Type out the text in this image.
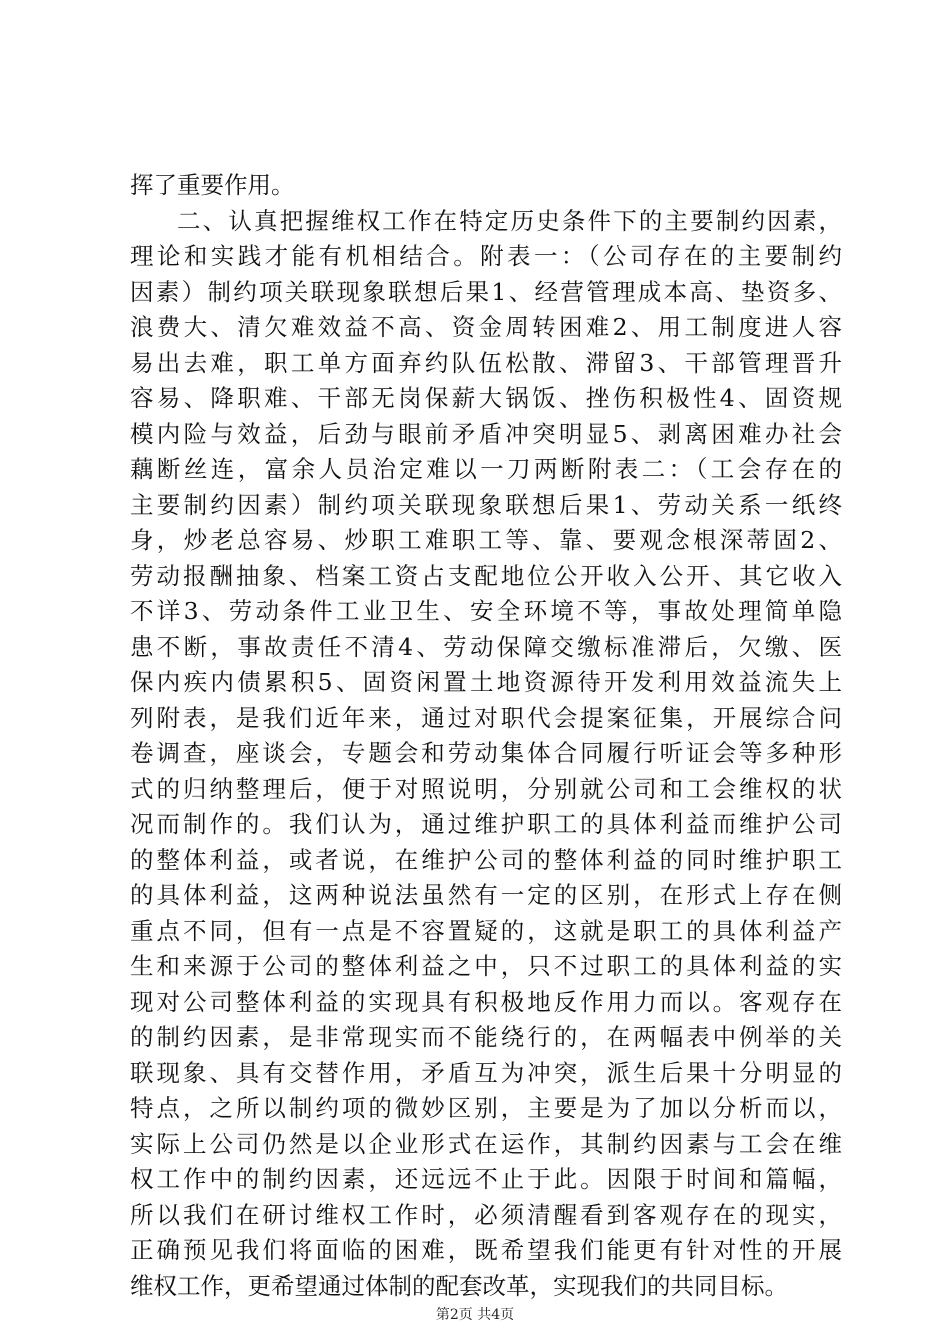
挥了重要作用。
二、认真把握维权工作在特定历史条件下的主要制约因素，
理论和实践才能有机相结合。附表一：（公司存在的主要制约
因素）制约项关联现象联想后果1、经营管理成本高、垫资多、
浪费大、清欠难效益不高、资金周转困难2、用工制度进人容
易出去难，职工单方面弃约队伍松散、滞留3、干部管理晋升
容易、降职难、干部无岗保薪大锅饭、挫伤积极性4、固资规
模内险与效益，后劲与眼前矛盾冲突明显5、剥离困难办社会
藕断丝连，富余人员治定难以一刀两断附表二：（工会存在的
主要制约因素）制约项关联现象联想后果1、劳动关系一纸终
身，炒老总容易、炒职工难职工等、靠、要观念根深蒂固2、
劳动报酬抽象、档案工资占支配地位公开收入公开、其它收入
不详3、劳动条件工业卫生、安全环境不等，事故处理简单隐
患不断，事故责任不清4、劳动保障交缴标准滞后，欠缴、医
保内疾内债累积5、固资闲置土地资源待开发利用效益流失上
列附表，是我们近年来，通过对职代会提案征集，开展综合问
卷调查，座谈会，专题会和劳动集体合同履行听证会等多种形
式的归纳整理后，便于对照说明，分别就公司和工会维权的状
况而制作的。我们认为，通过维护职工的具体利益而维护公司
的整体利益，或者说，在维护公司的整体利益的同时维护职工
的具体利益，这两种说法虽然有一定的区别，在形式上存在侧
重点不同，但有一点是不容置疑的，这就是职工的具体利益产
生和来源于公司的整体利益之中，只不过职工的具体利益的实
现对公司整体利益的实现具有积极地反作用力而以。客观存在
的制约因素，是非常现实而不能绕行的，在两幅表中例举的关
联现象、具有交替作用，矛盾互为冲突，派生后果十分明显的
特点，之所以制约项的微妙区别，主要是为了加以分析而以，
实际上公司仍然是以企业形式在运作，其制约因素与工会在维
权工作中的制约因素，还远远不止于此。因限于时间和篇幅，
所以我们在研讨维权工作时，必须清醒看到客观存在的现实，
正确预见我们将面临的困难，既希望我们能更有针对性的开展
维权工作，更希望通过体制的配套改革，实现我们的共同目标。
第2页 共4页
